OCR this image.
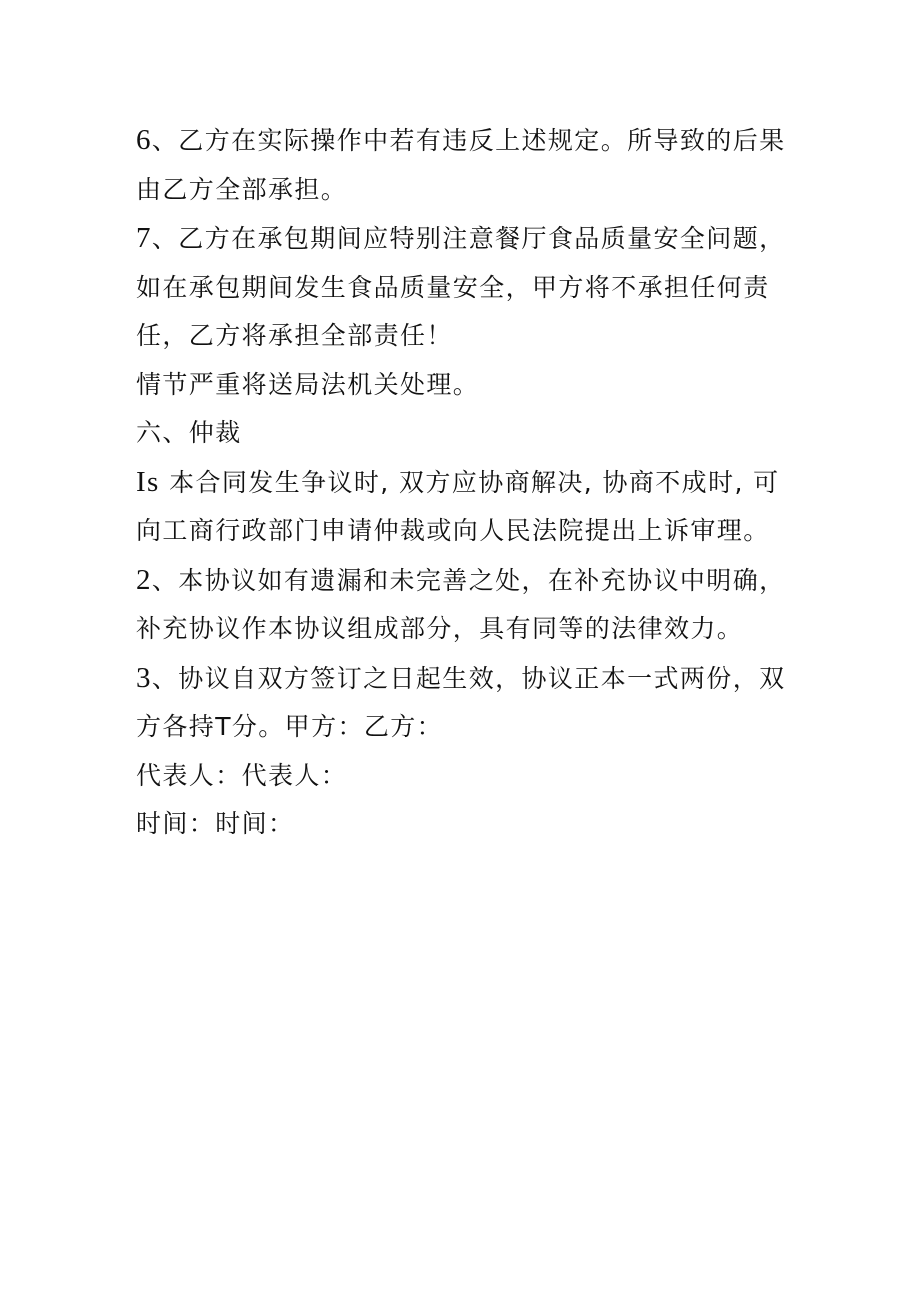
6、乙方在实际操作中若有违反上述规定。所导致的后果由乙方全部承担。

7、乙方在承包期间应特别注意餐厅食品质量安全问题，如在承包期间发生食品质量安全，甲方将不承担任何责任，乙方将承担全部责任！

情节严重将送局法机关处理。

六、仲裁

Is 本合同发生争议时, 双方应协商解决, 协商不成时, 可向工商行政部门申请仲裁或向人民法院提出上诉审理。

2、本协议如有遗漏和未完善之处，在补充协议中明确，补充协议作本协议组成部分，具有同等的法律效力。

3、协议自双方签订之日起生效，协议正本一式两份，双方各持T分。甲方：乙方：

代表人：代表人：

时间：时间：
